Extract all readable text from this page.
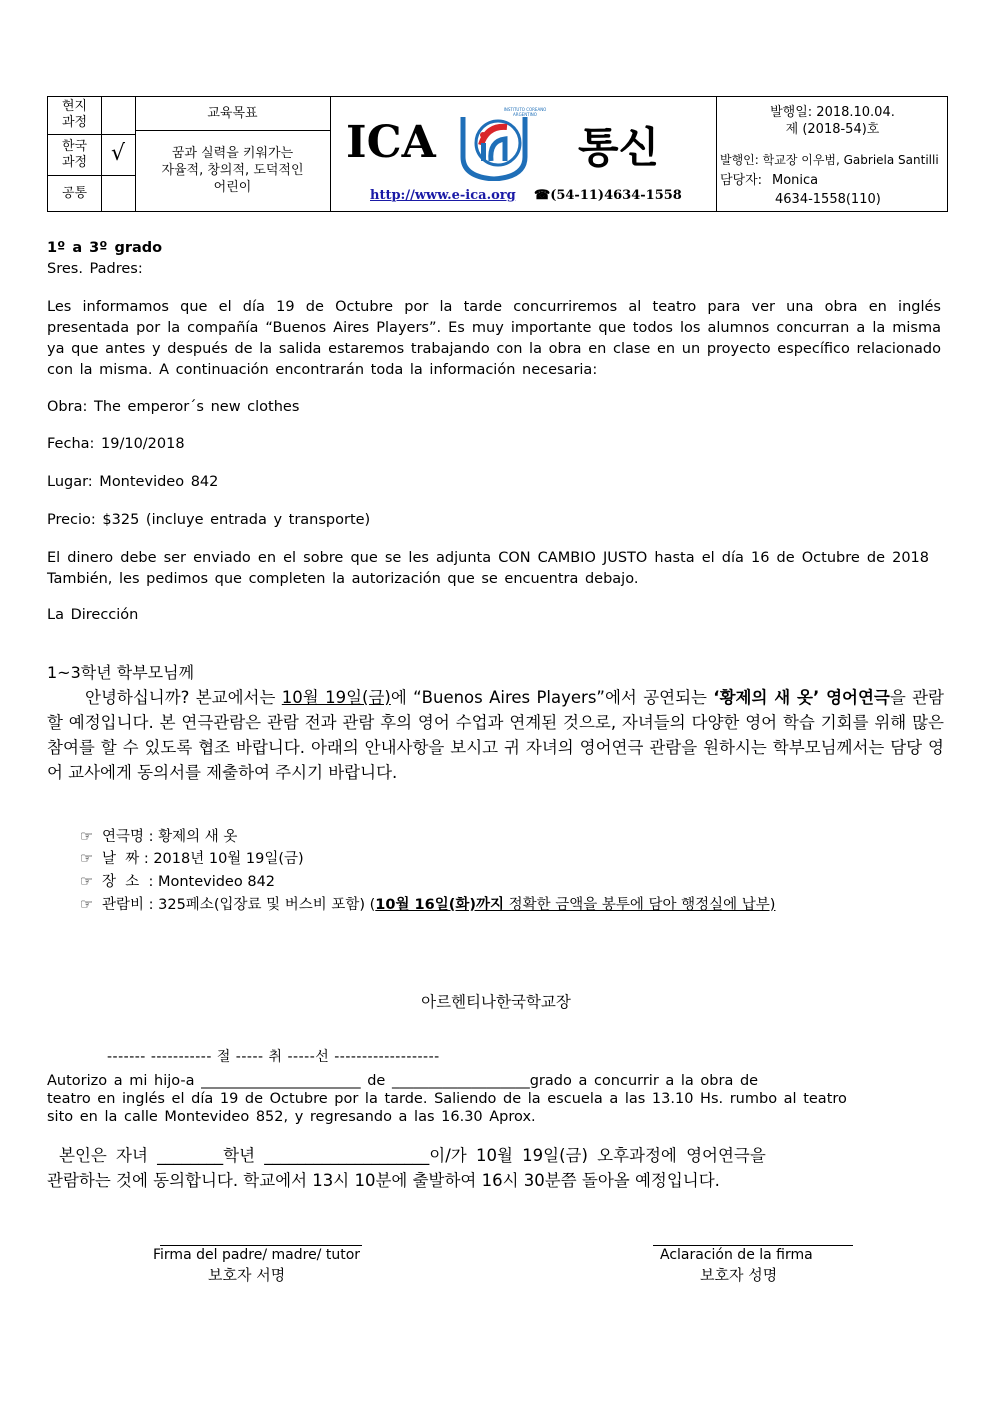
현지
과정
한국
과정
공통
√
교육목표
꿈과 실력을 키워가는
자율적, 창의적, 도덕적인
어린이
ICA
INSTITUTO COREANO ARGENTINO
통신
http://www.e-ica.org ☎(54-11)4634-1558
발행일: 2018.10.04.
제 (2018-54)호
발행인: 학교장 이우범, Gabriela Santilli
담당자: Monica
4634-1558(110)
1º a 3º grado
Sres. Padres:
Les informamos que el día 19 de Octubre por la tarde concurriremos al teatro para ver una obra en inglés presentada por la compañía “Buenos Aires Players”. Es muy importante que todos los alumnos concurran a la misma ya que antes y después de la salida estaremos trabajando con la obra en clase en un proyecto específico relacionado con la misma. A continuación encontrarán toda la información necesaria:
Obra: The emperor´s new clothes
Fecha: 19/10/2018
Lugar: Montevideo 842
Precio: $325 (incluye entrada y transporte)
El dinero debe ser enviado en el sobre que se les adjunta CON CAMBIO JUSTO hasta el día 16 de Octubre de 2018 También, les pedimos que completen la autorización que se encuentra debajo.
La Dirección
1~3학년 학부모님께
안녕하십니까? 본교에서는 10월 19일(금)에 “Buenos Aires Players”에서 공연되는 ‘황제의 새 옷’ 영어연극을 관람할 예정입니다. 본 연극관람은 관람 전과 관람 후의 영어 수업과 연계된 것으로, 자녀들의 다양한 영어 학습 기회를 위해 많은 참여를 할 수 있도록 협조 바랍니다. 아래의 안내사항을 보시고 귀 자녀의 영어연극 관람을 원하시는 학부모님께서는 담당 영어 교사에게 동의서를 제출하여 주시기 바랍니다.
☞ 연극명 : 황제의 새 옷
☞ 날  짜 : 2018년 10월 19일(금)
☞ 장  소  : Montevideo 842
☞ 관람비 : 325페소(입장료 및 버스비 포함) (10월 16일(화)까지 정확한 금액을 봉투에 담아 행정실에 납부)
아르헨티나한국학교장
------- ----------- 절 ----- 취 -----선 -------------------
Autorizo a mi hijo-a ______________________ de ___________________grado a concurrir a la obra de
teatro en inglés el día 19 de Octubre por la tarde. Saliendo de la escuela a las 13.10 Hs. rumbo al teatro
sito en la calle Montevideo 852, y regresando a las 16.30 Aprox.
본인은 자녀 ________학년 ____________________이/가 10월 19일(금) 오후과정에 영어연극을
관람하는 것에 동의합니다. 학교에서 13시 10분에 출발하여 16시 30분쯤 돌아올 예정입니다.
Firma del padre/ madre/ tutor
보호자 서명
Aclaración de la firma
보호자 성명
